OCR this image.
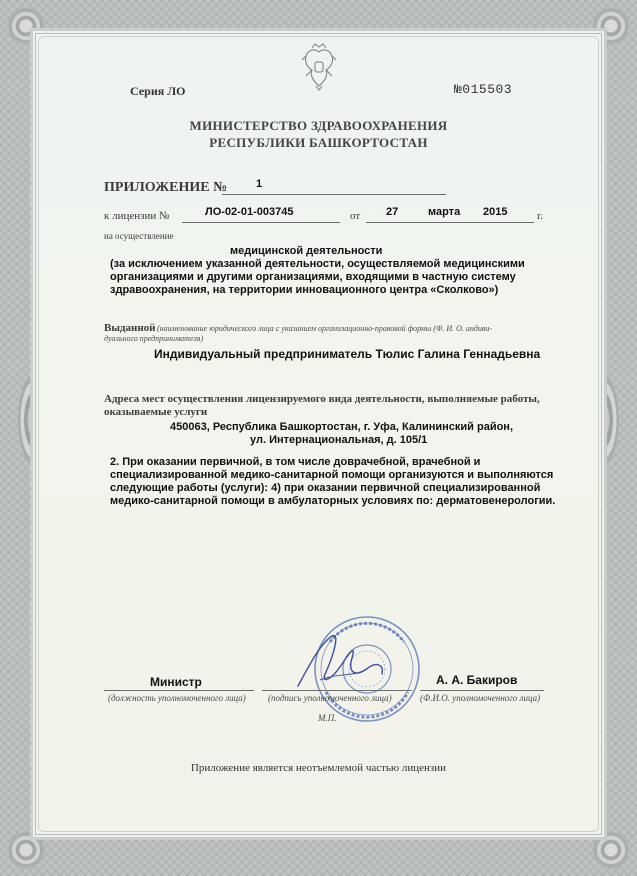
Серия ЛО	№015503
МИНИСТЕРСТВО ЗДРАВООХРАНЕНИЯ
РЕСПУБЛИКИ БАШКОРТОСТАН
ПРИЛОЖЕНИЕ №	1
к лицензии №	ЛО-02-01-003745	от 27	марта 2015	г.
на осуществление
медицинской деятельности
(за исключением указанной деятельности, осуществляемой медицинскими
организациями и другими организациями, входящими в частную систему
здравоохранения, на территории инновационного центра «Сколково»)
Выданной (наименование юридического лица с указанием организационно-правовой формы (Ф. И. О. индиви-
дуального предпринимателя)
Индивидуальный предприниматель Тюлис Галина Геннадьевна
Адреса мест осуществления лицензируемого вида деятельности, выполняемые работы,
оказываемые услуги
450063, Республика Башкортостан, г. Уфа, Калининский район,
ул. Интернациональная, д. 105/1
2. При оказании первичной, в том числе доврачебной, врачебной и
специализированной медико-санитарной помощи организуются и выполняются
следующие работы (услуги): 4) при оказании первичной специализированной
медико-санитарной помощи в амбулаторных условиях по: дерматовенерологии.
Министр	А. А. Бакиров
(должность уполномоченного лица) (подпись уполномоченного лица)	(Ф.И.О. уполномоченного лица)
М.П.
Приложение является неотъемлемой частью лицензии
